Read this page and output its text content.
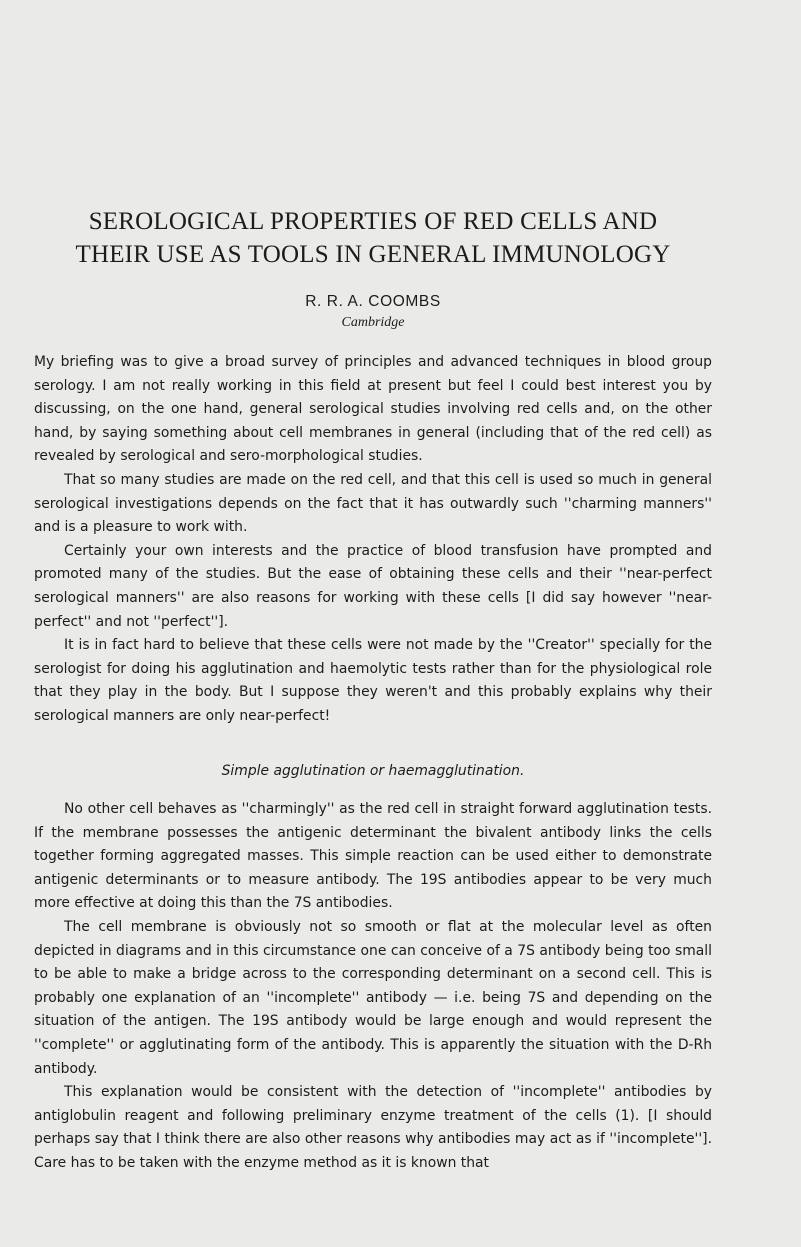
SEROLOGICAL PROPERTIES OF RED CELLS AND
THEIR USE AS TOOLS IN GENERAL IMMUNOLOGY
R. R. A. COOMBS
Cambridge

My briefing was to give a broad survey of principles and advanced techniques in blood group serology. I am not really working in this field at present but feel I could best interest you by discussing, on the one hand, general serological studies involving red cells and, on the other hand, by saying something about cell membranes in general (including that of the red cell) as revealed by serological and sero-morphological studies.

That so many studies are made on the red cell, and that this cell is used so much in general serological investigations depends on the fact that it has outwardly such ''charming manners'' and is a pleasure to work with.

Certainly your own interests and the practice of blood transfusion have prompted and promoted many of the studies. But the ease of obtaining these cells and their ''near-perfect serological manners'' are also reasons for working with these cells [I did say however ''near-perfect'' and not ''perfect''].

It is in fact hard to believe that these cells were not made by the ''Creator'' specially for the serologist for doing his agglutination and haemolytic tests rather than for the physiological role that they play in the body. But I suppose they weren't and this probably explains why their serological manners are only near-perfect!

Simple agglutination or haemagglutination.

No other cell behaves as ''charmingly'' as the red cell in straight forward agglutination tests. If the membrane possesses the antigenic determinant the bivalent antibody links the cells together forming aggregated masses. This simple reaction can be used either to demonstrate antigenic determinants or to measure antibody. The 19S antibodies appear to be very much more effective at doing this than the 7S antibodies.

The cell membrane is obviously not so smooth or flat at the molecular level as often depicted in diagrams and in this circumstance one can conceive of a 7S antibody being too small to be able to make a bridge across to the corresponding determinant on a second cell. This is probably one explanation of an ''incomplete'' antibody — i.e. being 7S and depending on the situation of the antigen. The 19S antibody would be large enough and would represent the ''complete'' or agglutinating form of the antibody. This is apparently the situation with the D-Rh antibody.

This explanation would be consistent with the detection of ''incomplete'' antibodies by antiglobulin reagent and following preliminary enzyme treatment of the cells (1). [I should perhaps say that I think there are also other reasons why antibodies may act as if ''incomplete'']. Care has to be taken with the enzyme method as it is known that
